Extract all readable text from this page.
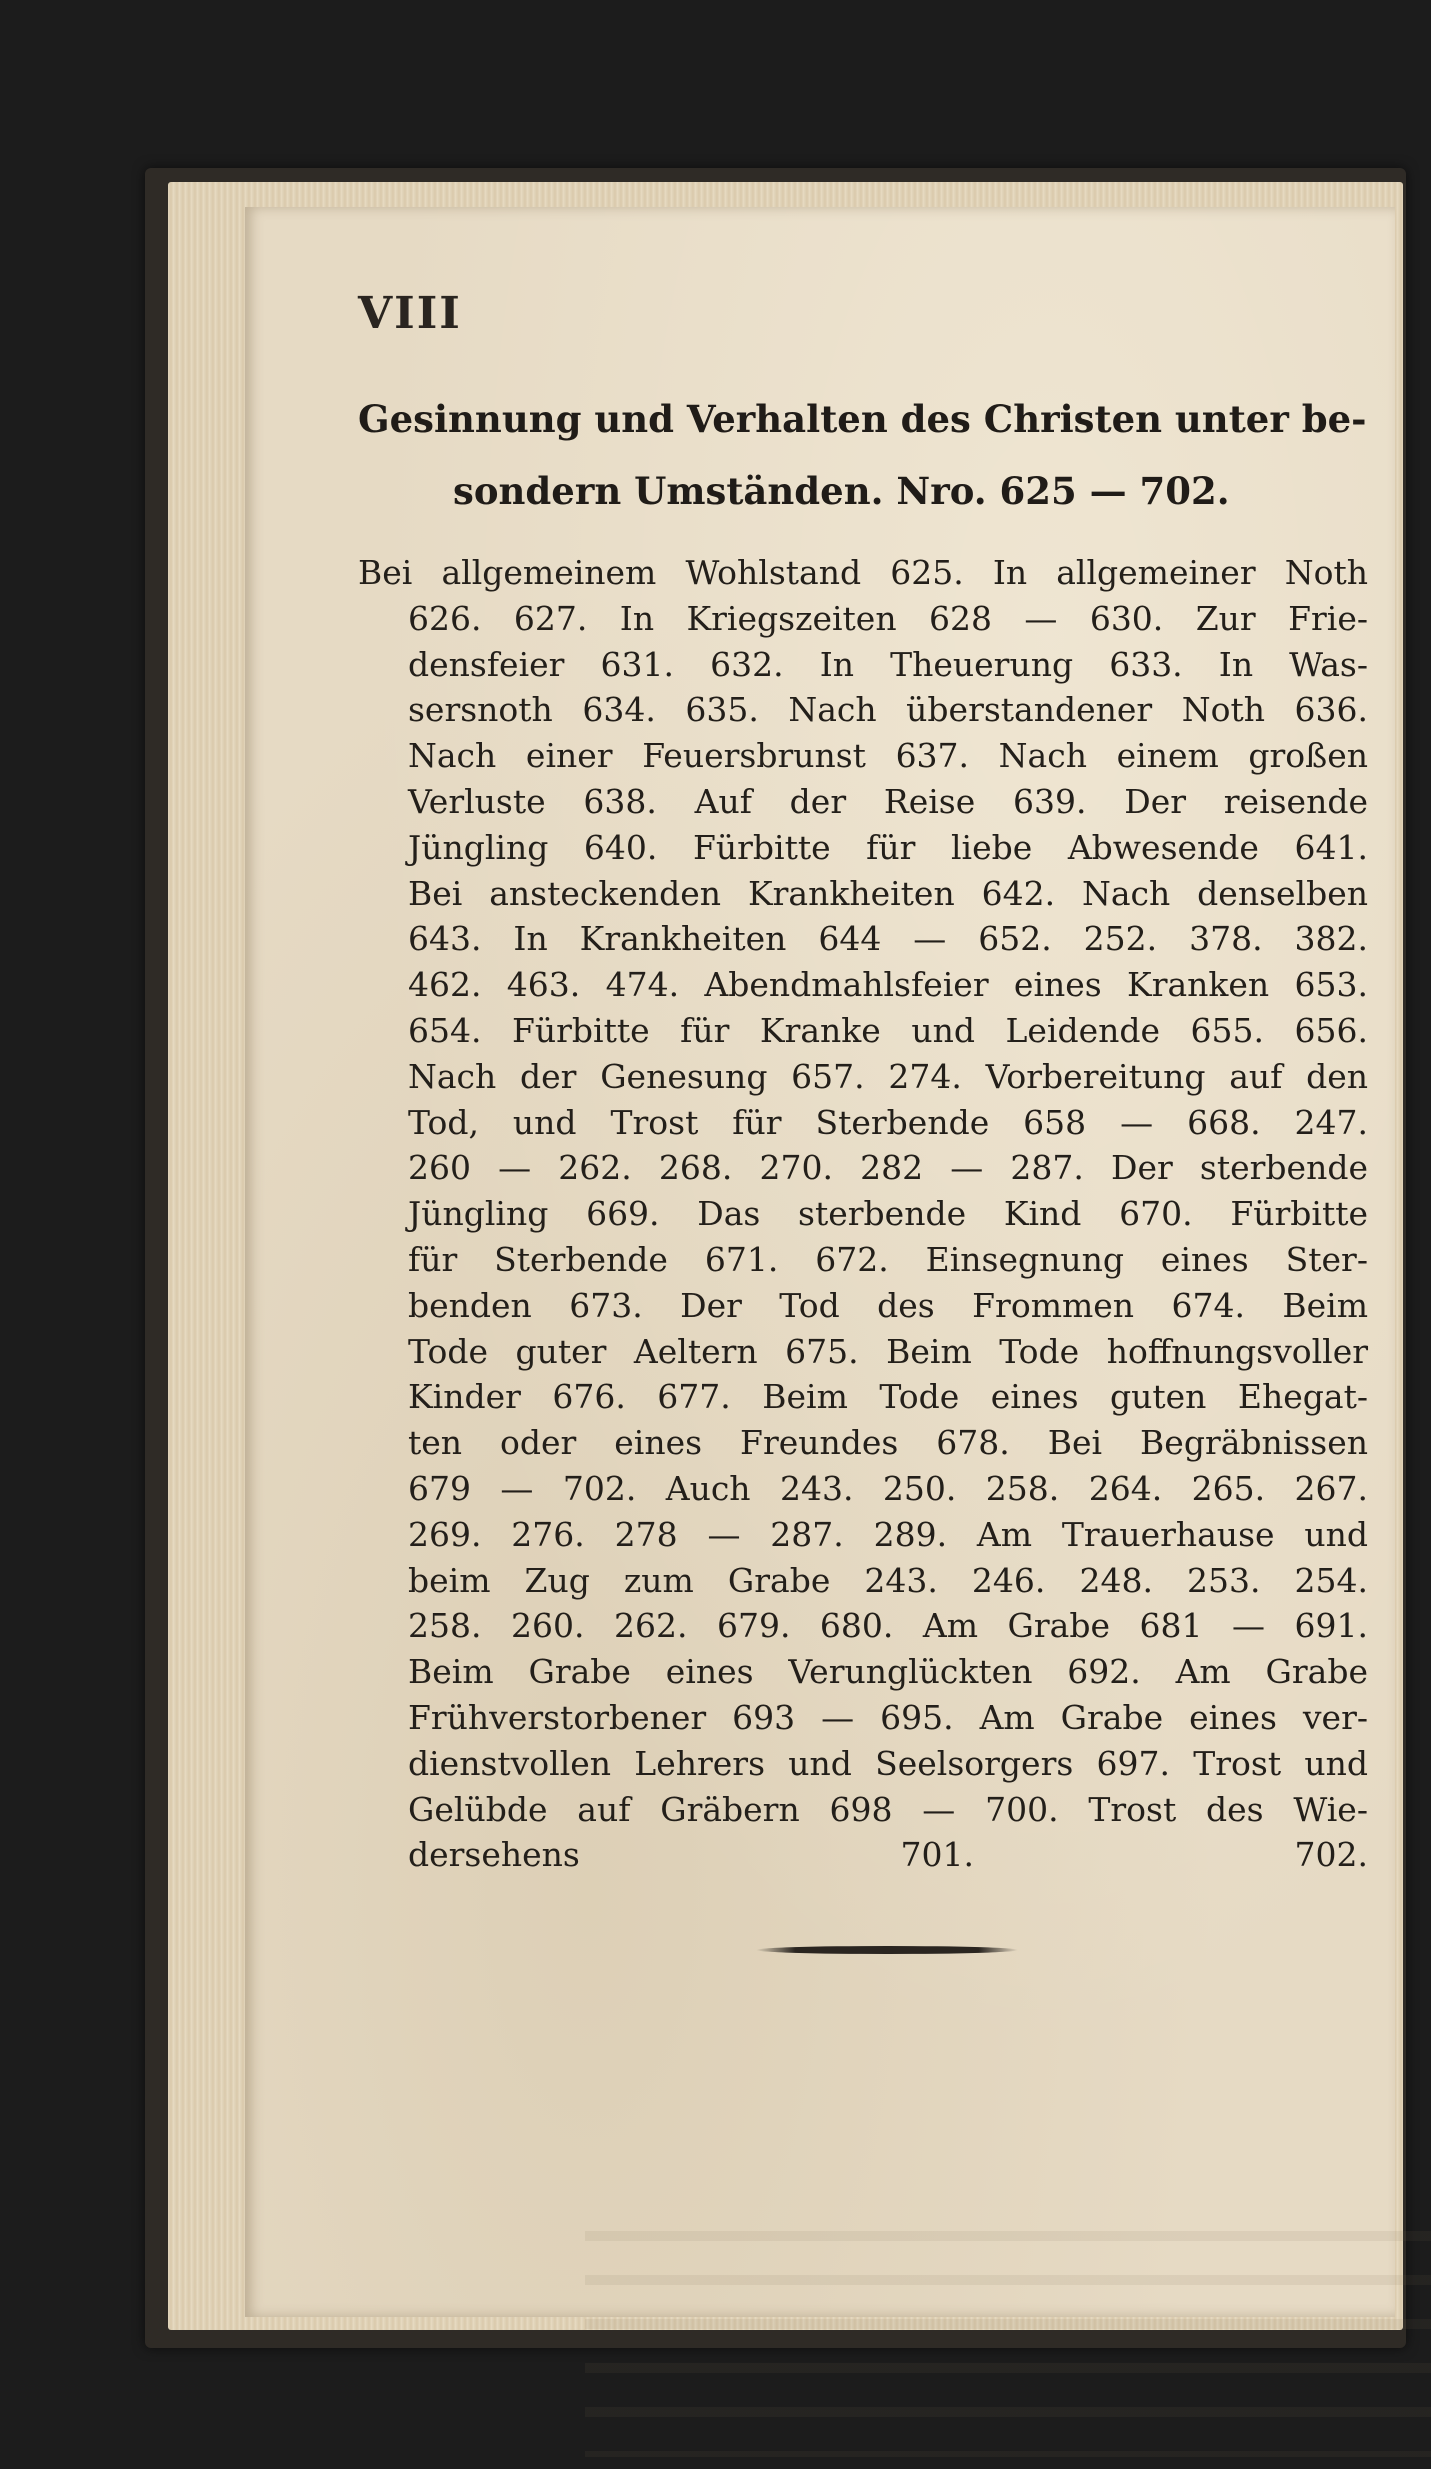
VIII
Gesinnung und Verhalten des Christen unter be-
sondern Umständen. Nro. 625 — 702.
Bei allgemeinem Wohlstand 625. In allgemeiner Noth
626. 627. In Kriegszeiten 628 — 630. Zur Frie-
densfeier 631. 632. In Theuerung 633. In Was-
sersnoth 634. 635. Nach überstandener Noth 636.
Nach einer Feuersbrunst 637. Nach einem großen
Verluste 638. Auf der Reise 639. Der reisende
Jüngling 640. Fürbitte für liebe Abwesende 641.
Bei ansteckenden Krankheiten 642. Nach denselben
643. In Krankheiten 644 — 652. 252. 378. 382.
462. 463. 474. Abendmahlsfeier eines Kranken 653.
654. Fürbitte für Kranke und Leidende 655. 656.
Nach der Genesung 657. 274. Vorbereitung auf den
Tod, und Trost für Sterbende 658 — 668. 247.
260 — 262. 268. 270. 282 — 287. Der sterbende
Jüngling 669. Das sterbende Kind 670. Fürbitte
für Sterbende 671. 672. Einsegnung eines Ster-
benden 673. Der Tod des Frommen 674. Beim
Tode guter Aeltern 675. Beim Tode hoffnungsvoller
Kinder 676. 677. Beim Tode eines guten Ehegat-
ten oder eines Freundes 678. Bei Begräbnissen
679 — 702. Auch 243. 250. 258. 264. 265. 267.
269. 276. 278 — 287. 289. Am Trauerhause und
beim Zug zum Grabe 243. 246. 248. 253. 254.
258. 260. 262. 679. 680. Am Grabe 681 — 691.
Beim Grabe eines Verunglückten 692. Am Grabe
Frühverstorbener 693 — 695. Am Grabe eines ver-
dienstvollen Lehrers und Seelsorgers 697. Trost und
Gelübde auf Gräbern 698 — 700. Trost des Wie-
dersehens 701. 702.
